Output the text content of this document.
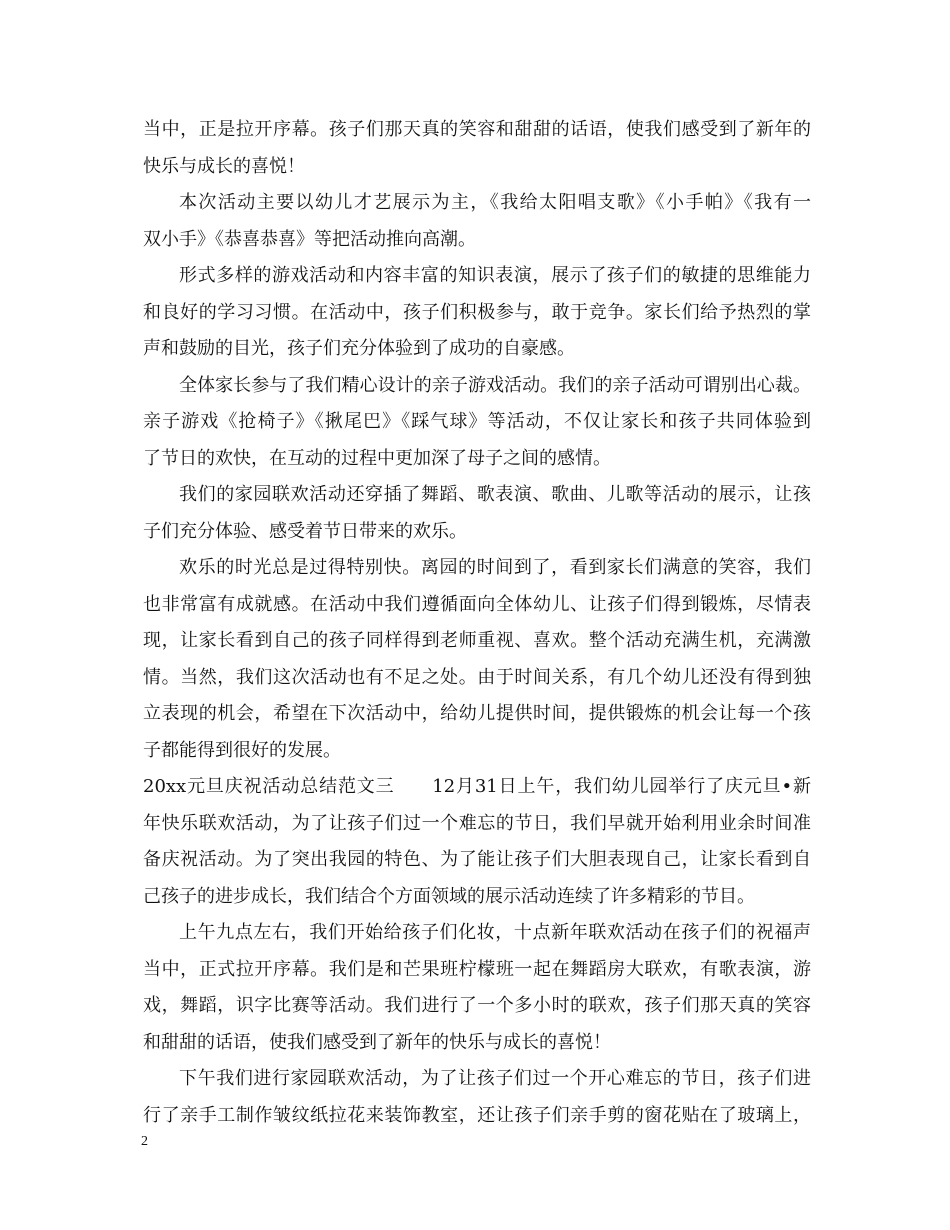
当中，正是拉开序幕。孩子们那天真的笑容和甜甜的话语，使我们感受到了新年的
快乐与成长的喜悦！
本次活动主要以幼儿才艺展示为主，《我给太阳唱支歌》《小手帕》《我有一
双小手》《恭喜恭喜》等把活动推向高潮。
形式多样的游戏活动和内容丰富的知识表演，展示了孩子们的敏捷的思维能力
和良好的学习习惯。在活动中，孩子们积极参与，敢于竞争。家长们给予热烈的掌
声和鼓励的目光，孩子们充分体验到了成功的自豪感。
全体家长参与了我们精心设计的亲子游戏活动。我们的亲子活动可谓别出心裁。
亲子游戏《抢椅子》《揪尾巴》《踩气球》等活动，不仅让家长和孩子共同体验到
了节日的欢快，在互动的过程中更加深了母子之间的感情。
我们的家园联欢活动还穿插了舞蹈、歌表演、歌曲、儿歌等活动的展示，让孩
子们充分体验、感受着节日带来的欢乐。
欢乐的时光总是过得特别快。离园的时间到了，看到家长们满意的笑容，我们
也非常富有成就感。在活动中我们遵循面向全体幼儿、让孩子们得到锻炼，尽情表
现，让家长看到自己的孩子同样得到老师重视、喜欢。整个活动充满生机，充满激
情。当然，我们这次活动也有不足之处。由于时间关系，有几个幼儿还没有得到独
立表现的机会，希望在下次活动中，给幼儿提供时间，提供锻炼的机会让每一个孩
子都能得到很好的发展。
20xx元旦庆祝活动总结范文三　　12月31日上午，我们幼儿园举行了庆元旦•新
年快乐联欢活动，为了让孩子们过一个难忘的节日，我们早就开始利用业余时间准
备庆祝活动。为了突出我园的特色、为了能让孩子们大胆表现自己，让家长看到自
己孩子的进步成长，我们结合个方面领域的展示活动连续了许多精彩的节目。
上午九点左右，我们开始给孩子们化妆，十点新年联欢活动在孩子们的祝福声
当中，正式拉开序幕。我们是和芒果班柠檬班一起在舞蹈房大联欢，有歌表演，游
戏，舞蹈，识字比赛等活动。我们进行了一个多小时的联欢，孩子们那天真的笑容
和甜甜的话语，使我们感受到了新年的快乐与成长的喜悦！
下午我们进行家园联欢活动，为了让孩子们过一个开心难忘的节日，孩子们进
行了亲手工制作皱纹纸拉花来装饰教室，还让孩子们亲手剪的窗花贴在了玻璃上，
2
